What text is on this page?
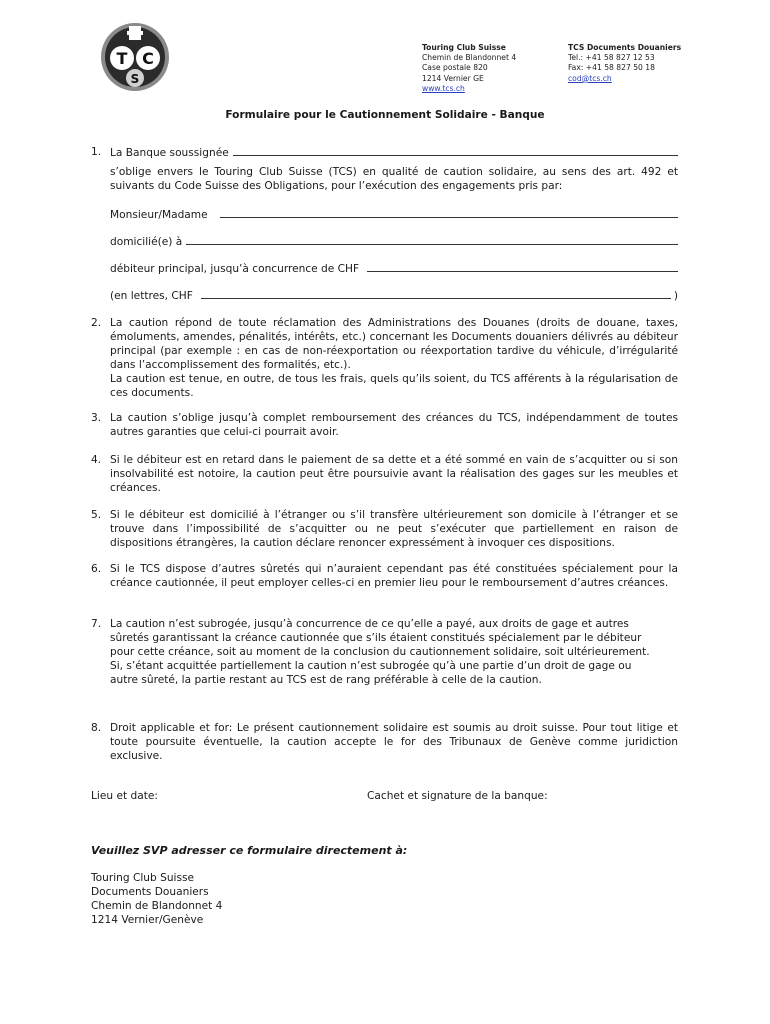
T C
S
Touring Club Suisse
Chemin de Blandonnet 4
Case postale 820
1214 Vernier GE
www.tcs.ch
TCS Documents Douaniers
Tel.: +41 58 827 12 53
Fax: +41 58 827 50 18
cod@tcs.ch
Formulaire pour le Cautionnement Solidaire - Banque
1. La Banque soussignée
s’oblige envers le Touring Club Suisse (TCS) en qualité de caution solidaire, au sens des art. 492 et suivants du Code Suisse des Obligations, pour l’exécution des engagements pris par:
Monsieur/Madame
domicilié(e) à
débiteur principal, jusqu’à concurrence de CHF
(en lettres, CHF	)
2. La caution répond de toute réclamation des Administrations des Douanes (droits de douane, taxes, émoluments, amendes, pénalités, intérêts, etc.) concernant les Documents douaniers délivrés au débiteur principal (par exemple : en cas de non-réexportation ou réexportation tardive du véhicule, d’irrégularité dans l’accomplissement des formalités, etc.).
La caution est tenue, en outre, de tous les frais, quels qu’ils soient, du TCS afférents à la régularisation de ces documents.
3. La caution s’oblige jusqu’à complet remboursement des créances du TCS, indépendamment de toutes autres garanties que celui-ci pourrait avoir.
4. Si le débiteur est en retard dans le paiement de sa dette et a été sommé en vain de s’acquitter ou si son insolvabilité est notoire, la caution peut être poursuivie avant la réalisation des gages sur les meubles et créances.
5. Si le débiteur est domicilié à l’étranger ou s’il transfère ultérieurement son domicile à l’étranger et se trouve dans l’impossibilité de s’acquitter ou ne peut s’exécuter que partiellement en raison de dispositions étrangères, la caution déclare renoncer expressément à invoquer ces dispositions.
6. Si le TCS dispose d’autres sûretés qui n’auraient cependant pas été constituées spécialement pour la créance cautionnée, il peut employer celles-ci en premier lieu pour le remboursement d’autres créances.
7. La caution n’est subrogée, jusqu’à concurrence de ce qu’elle a payé, aux droits de gage et autres sûretés garantissant la créance cautionnée que s’ils étaient constitués spécialement par le débiteur pour cette créance, soit au moment de la conclusion du cautionnement solidaire, soit ultérieurement. Si, s’étant acquittée partiellement la caution n’est subrogée qu’à une partie d’un droit de gage ou autre sûreté, la partie restant au TCS est de rang préférable à celle de la caution.
8. Droit applicable et for: Le présent cautionnement solidaire est soumis au droit suisse. Pour tout litige et toute poursuite éventuelle, la caution accepte le for des Tribunaux de Genève comme juridiction exclusive.
Lieu et date:	Cachet et signature de la banque:
Veuillez SVP adresser ce formulaire directement à:
Touring Club Suisse
Documents Douaniers
Chemin de Blandonnet 4
1214 Vernier/Genève
